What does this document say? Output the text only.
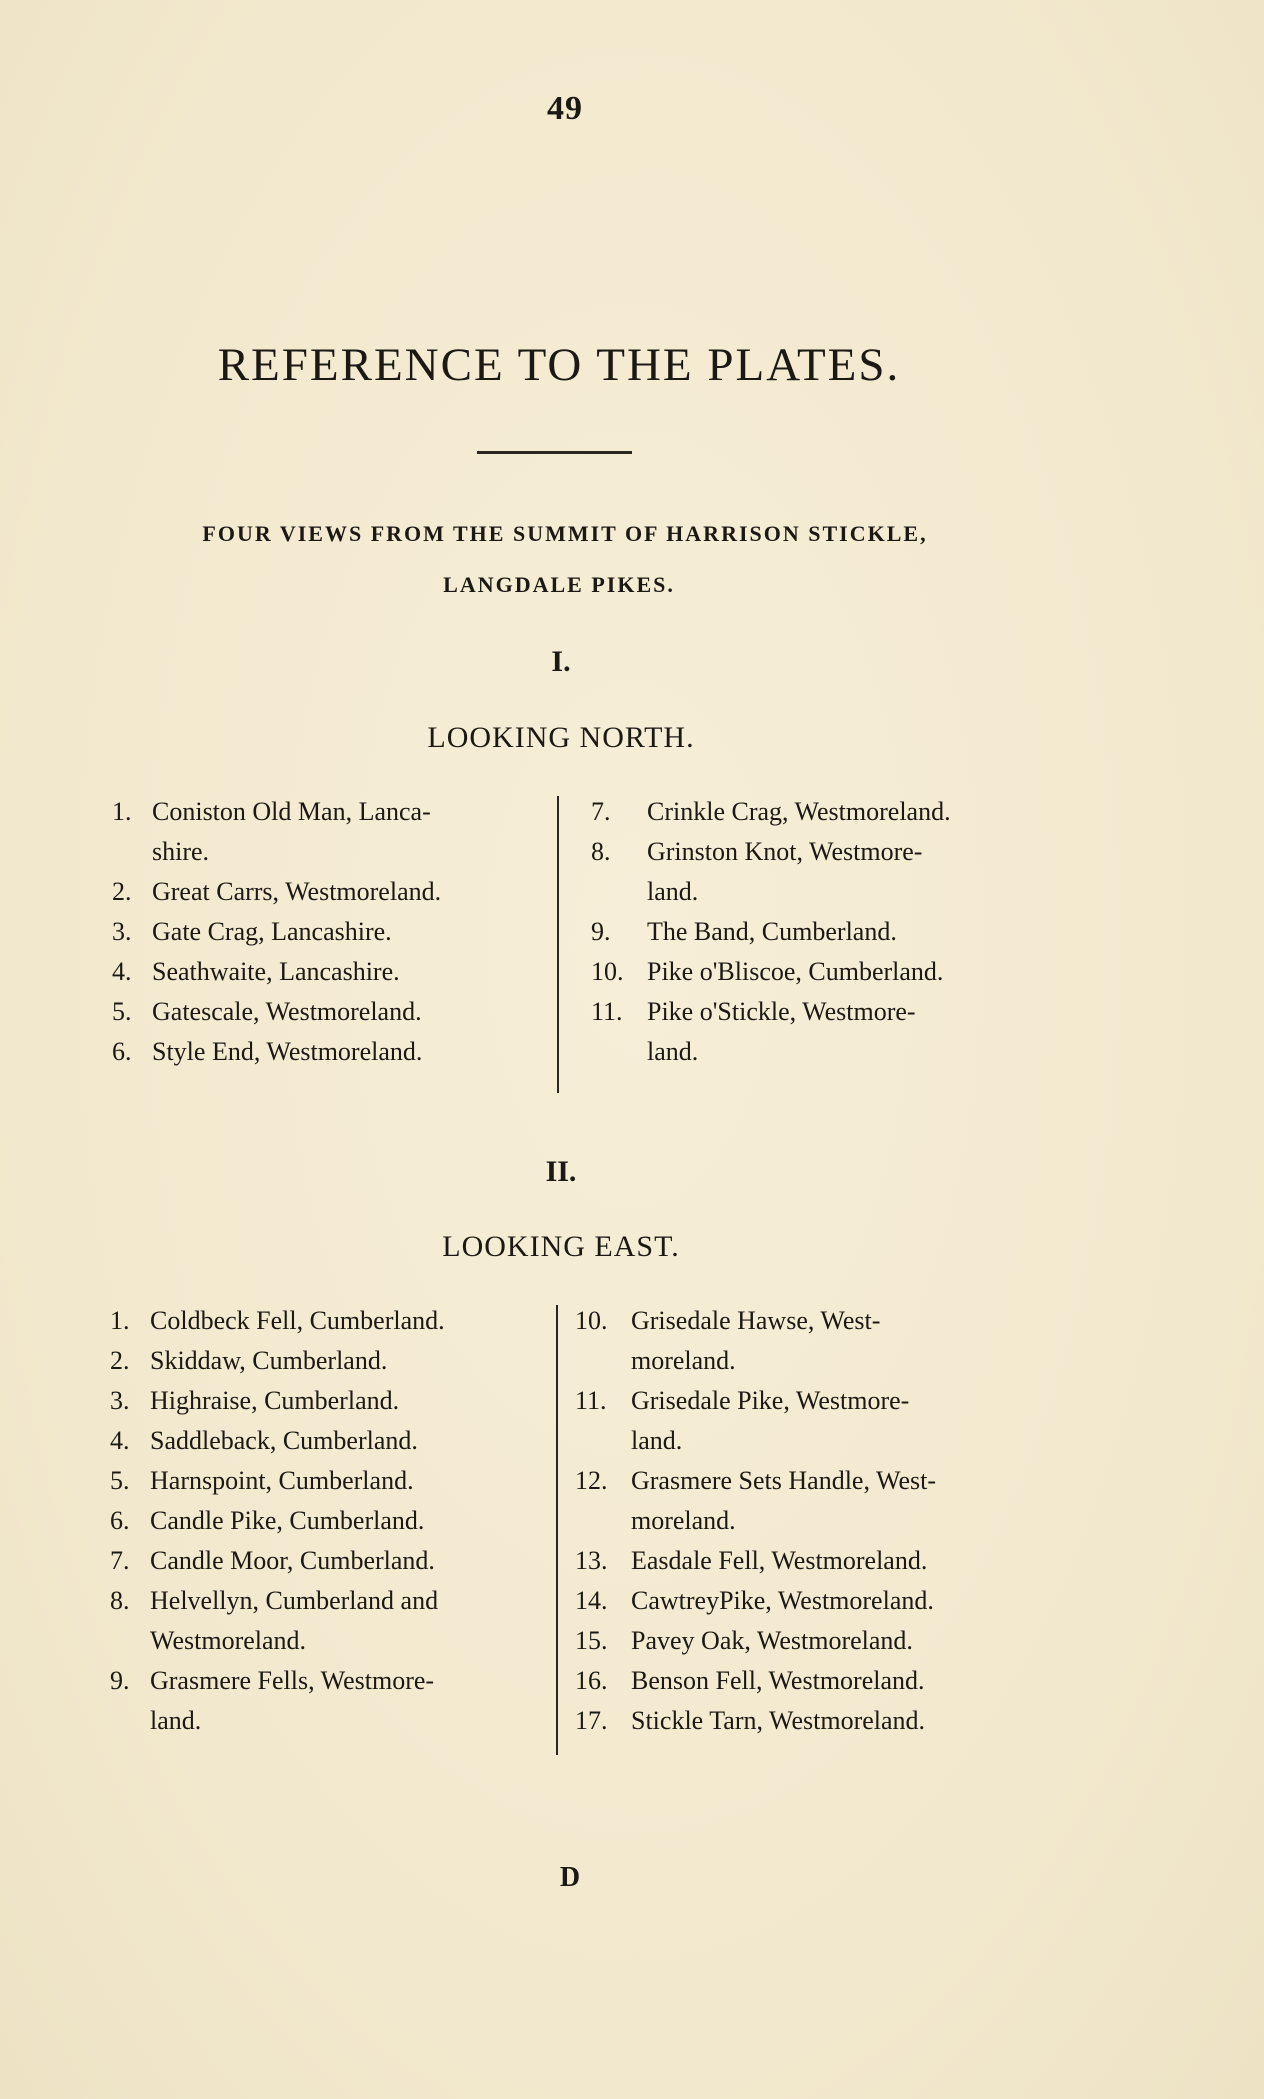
49
REFERENCE TO THE PLATES.
FOUR VIEWS FROM THE SUMMIT OF HARRISON STICKLE,
LANGDALE PIKES.
I.
LOOKING NORTH.
1. Coniston Old Man, Lanca-
shire.
2. Great Carrs, Westmoreland.
3. Gate Crag, Lancashire.
4. Seathwaite, Lancashire.
5. Gatescale, Westmoreland.
6. Style End, Westmoreland.
7.	Crinkle Crag, Westmoreland.
8.	Grinston Knot, Westmore-
land.
9.	The Band, Cumberland.
10. Pike o'Bliscoe, Cumberland.
11. Pike o'Stickle, Westmore-
land.
II.
LOOKING EAST.
1. Coldbeck Fell, Cumberland.
2. Skiddaw, Cumberland.
3. Highraise, Cumberland.
4. Saddleback, Cumberland.
5. Harnspoint, Cumberland.
6. Candle Pike, Cumberland.
7. Candle Moor, Cumberland.
8. Helvellyn, Cumberland and
Westmoreland.
9. Grasmere Fells, Westmore-
land.
10. Grisedale Hawse, West-
moreland.
11. Grisedale Pike, Westmore-
land.
12. Grasmere Sets Handle, West-
moreland.
13. Easdale Fell, Westmoreland.
14. CawtreyPike, Westmoreland.
15. Pavey Oak, Westmoreland.
16. Benson Fell, Westmoreland.
17. Stickle Tarn, Westmoreland.
D
